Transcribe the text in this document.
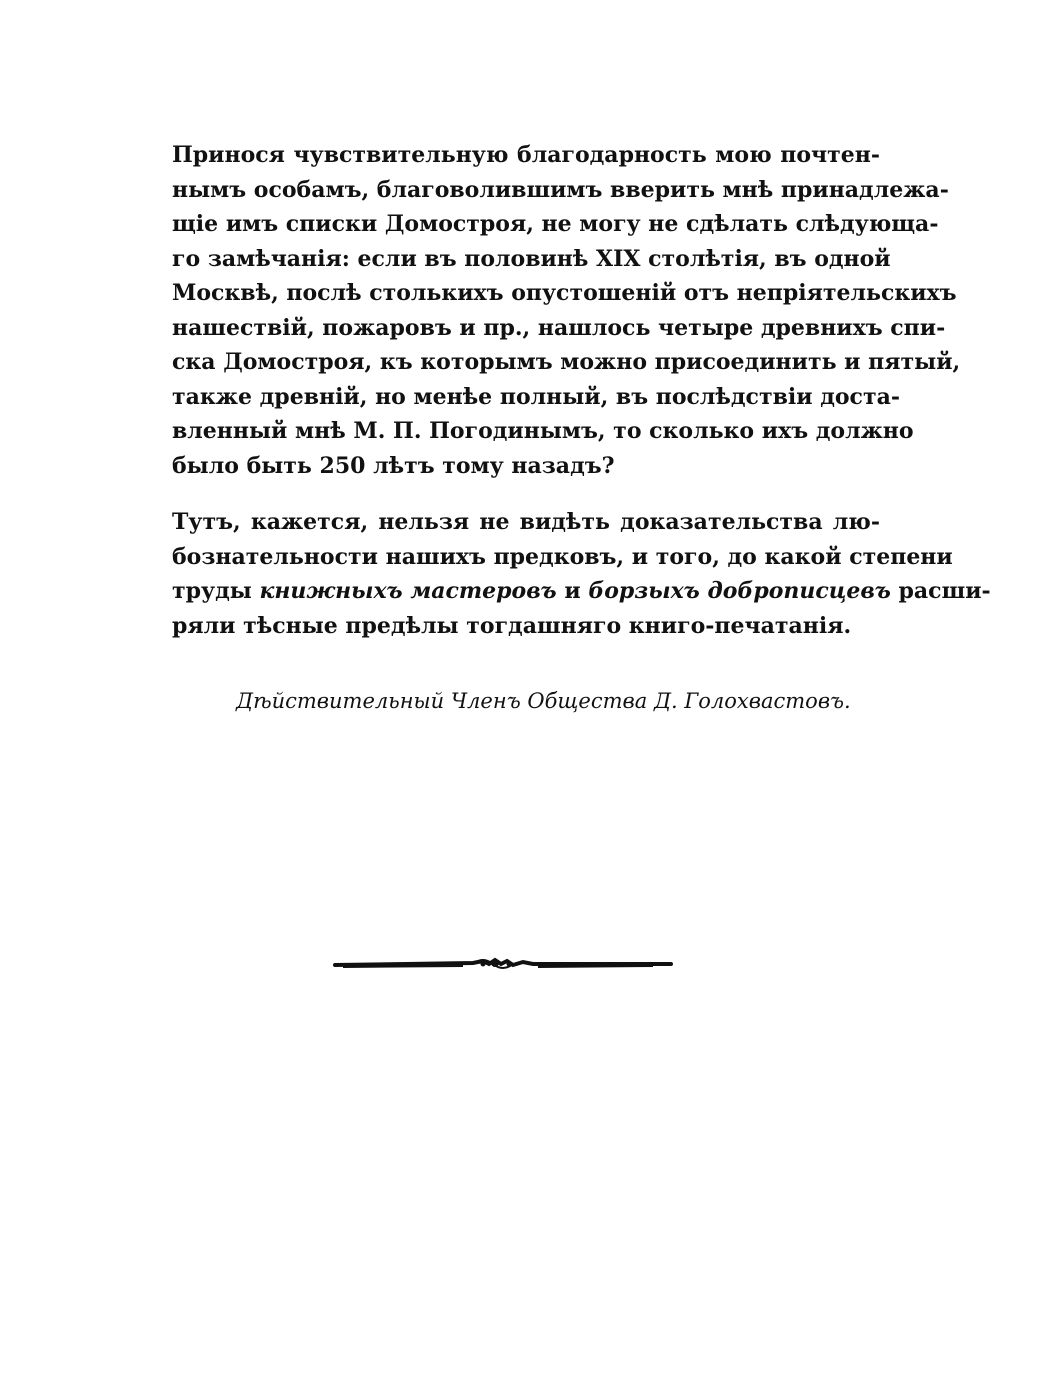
Принося чувствительную благодарность мою почтен-
нымъ особамъ, благоволившимъ вверить мнѣ принадлежа-
щіе имъ списки Домостроя, не могу не сдѣлать слѣдующа-
го замѣчанія: если въ половинѣ XIX столѣтія, въ одной
Москвѣ, послѣ столькихъ опустошеній отъ непріятельскихъ
нашествій, пожаровъ и пр., нашлось четыре древнихъ спи-
ска Домостроя, къ которымъ можно присоединить и пятый,
также древній, но менѣе полный, въ послѣдствіи доста-
вленный мнѣ М. П. Погодинымъ, то сколько ихъ должно
было быть 250 лѣтъ тому назадъ?
Тутъ, кажется, нельзя не видѣть доказательства лю-
бознательности нашихъ предковъ, и того, до какой степени
труды книжныхъ мастеровъ и борзыхъ доброписцевъ расши-
ряли тѣсные предѣлы тогдашняго книго-печатанія.
Дѣйствительный Членъ Общества Д. Голохвастовъ.
